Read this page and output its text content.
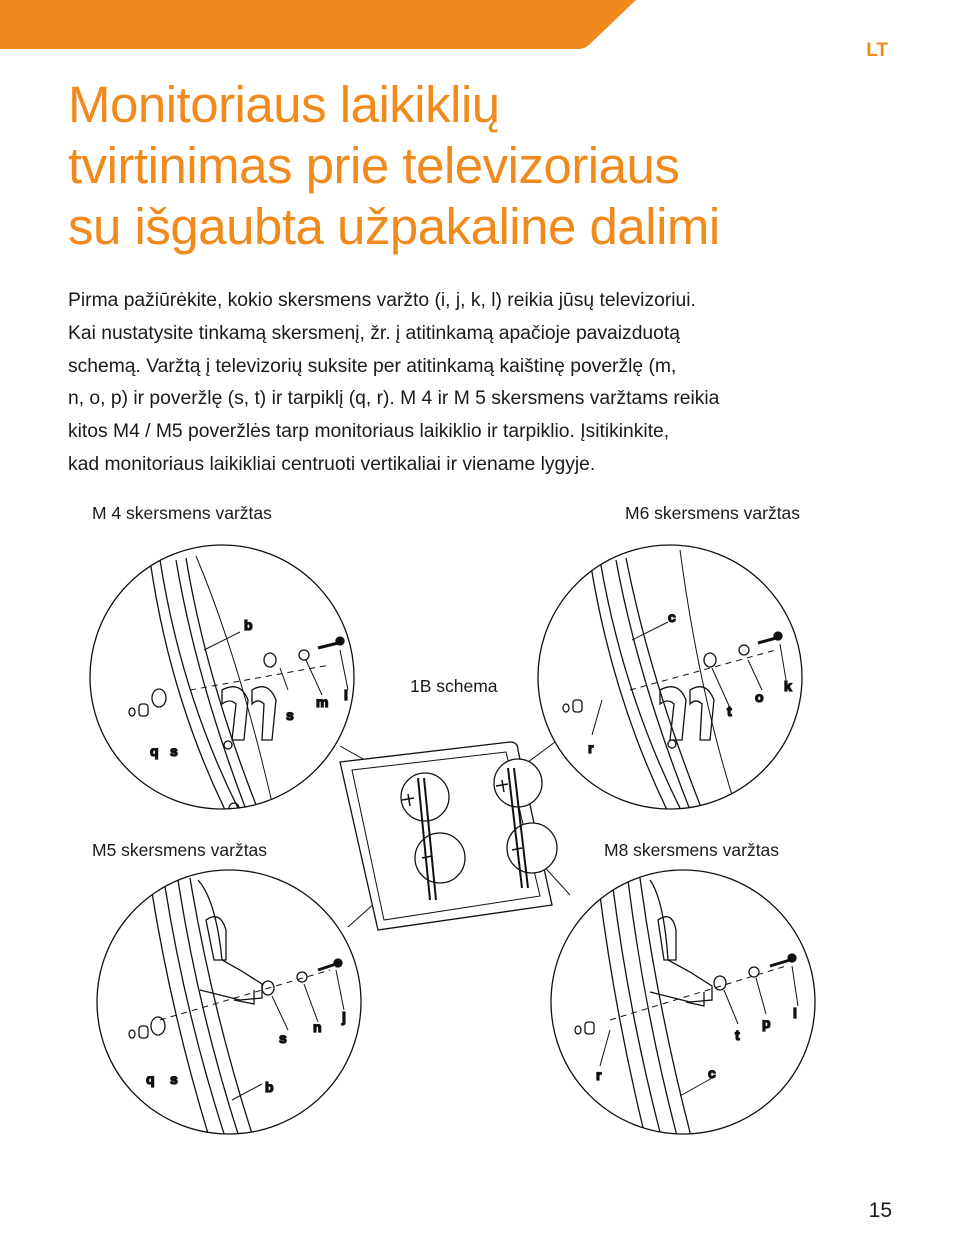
LT
Monitoriaus laikiklių
tvirtinimas prie televizoriaus
su išgaubta užpakaline dalimi

Pirma pažiūrėkite, kokio skersmens varžto (i, j, k, l) reikia jūsų televizoriui.
Kai nustatysite tinkamą skersmenį, žr. į atitinkamą apačioje pavaizduotą
schemą. Varžtą į televizorių suksite per atitinkamą kaištinę poveržlę (m,
n, o, p) ir poveržlę (s, t) ir tarpiklį (q, r). M 4 ir M 5 skersmens varžtams reikia
kitos M4 / M5 poveržlės tarp monitoriaus laikiklio ir tarpiklio. Įsitikinkite,
kad monitoriaus laikikliai centruoti vertikaliai ir viename lygyje.

M 4 skersmens varžtas	M6 skersmens varžtas
1B schema
M5 skersmens varžtas	M8 skersmens varžtas
b
s
m i
q s
c
t
o
k
r
s
n
j
q s	b
t
p
l
r	c
15
